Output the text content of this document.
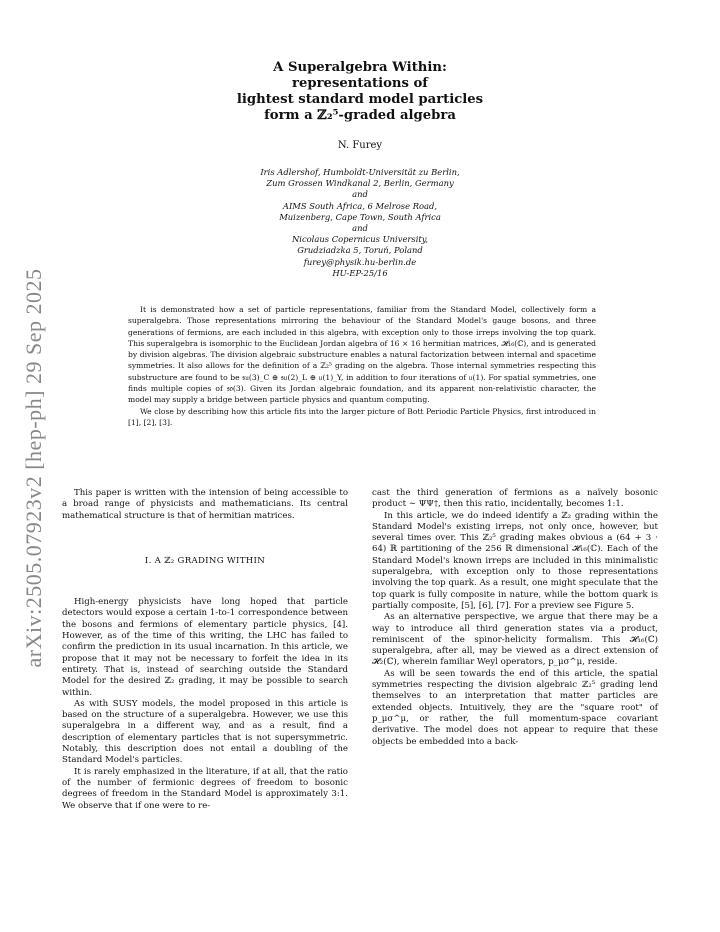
arXiv:2505.07923v2 [hep-ph] 29 Sep 2025
A Superalgebra Within:
representations of
lightest standard model particles
form a ℤ₂⁵-graded algebra
N. Furey
Iris Adlershof, Humboldt-Universität zu Berlin,
Zum Grossen Windkanal 2, Berlin, Germany
and
AIMS South Africa, 6 Melrose Road,
Muizenberg, Cape Town, South Africa
and
Nicolaus Copernicus University,
Grudziadzka 5, Toruń, Poland
furey@physik.hu-berlin.de
HU-EP-25/16

It is demonstrated how a set of particle representations, familiar from the Standard Model, collectively form a superalgebra. Those representations mirroring the behaviour of the Standard Model's gauge bosons, and three generations of fermions, are each included in this algebra, with exception only to those irreps involving the top quark. This superalgebra is isomorphic to the Euclidean Jordan algebra of 16 × 16 hermitian matrices, 𝓗₁₆(ℂ), and is generated by division algebras. The division algebraic substructure enables a natural factorization between internal and spacetime symmetries. It also allows for the definition of a ℤ₂⁵ grading on the algebra. Those internal symmetries respecting this substructure are found to be 𝔰𝔲(3)_C ⊕ 𝔰𝔲(2)_L ⊕ 𝔲(1)_Y, in addition to four iterations of 𝔲(1). For spatial symmetries, one finds multiple copies of 𝔰𝔬(3). Given its Jordan algebraic foundation, and its apparent non-relativistic character, the model may supply a bridge between particle physics and quantum computing.

We close by describing how this article fits into the larger picture of Bott Periodic Particle Physics, first introduced in [1], [2], [3].

This paper is written with the intension of being accessible to a broad range of physicists and mathematicians. Its central mathematical structure is that of hermitian matrices.

I. A ℤ₂ GRADING WITHIN

High-energy physicists have long hoped that particle detectors would expose a certain 1-to-1 correspondence between the bosons and fermions of elementary particle physics, [4]. However, as of the time of this writing, the LHC has failed to confirm the prediction in its usual incarnation. In this article, we propose that it may not be necessary to forfeit the idea in its entirety. That is, instead of searching outside the Standard Model for the desired ℤ₂ grading, it may be possible to search within.

As with SUSY models, the model proposed in this article is based on the structure of a superalgebra. However, we use this superalgebra in a different way, and as a result, find a description of elementary particles that is not supersymmetric. Notably, this description does not entail a doubling of the Standard Model's particles.

It is rarely emphasized in the literature, if at all, that the ratio of the number of fermionic degrees of freedom to bosonic degrees of freedom in the Standard Model is approximately 3:1. We observe that if one were to re-

cast the third generation of fermions as a naïvely bosonic product ∼ ΨΨ†, then this ratio, incidentally, becomes 1:1.

In this article, we do indeed identify a ℤ₂ grading within the Standard Model's existing irreps, not only once, however, but several times over. This ℤ₂⁵ grading makes obvious a (64 + 3 · 64) ℝ partitioning of the 256 ℝ dimensional 𝓗₁₆(ℂ). Each of the Standard Model's known irreps are included in this minimalistic superalgebra, with exception only to those representations involving the top quark. As a result, one might speculate that the top quark is fully composite in nature, while the bottom quark is partially composite, [5], [6], [7]. For a preview see Figure 5.

As an alternative perspective, we argue that there may be a way to introduce all third generation states via a product, reminiscent of the spinor-helicity formalism. This 𝓗₁₆(ℂ) superalgebra, after all, may be viewed as a direct extension of 𝓗₂(ℂ), wherein familiar Weyl operators, p_μσ^μ, reside.

As will be seen towards the end of this article, the spatial symmetries respecting the division algebraic ℤ₂⁵ grading lend themselves to an interpretation that matter particles are extended objects. Intuitively, they are the "square root" of p_μσ^μ, or rather, the full momentum-space covariant derivative. The model does not appear to require that these objects be embedded into a back-
